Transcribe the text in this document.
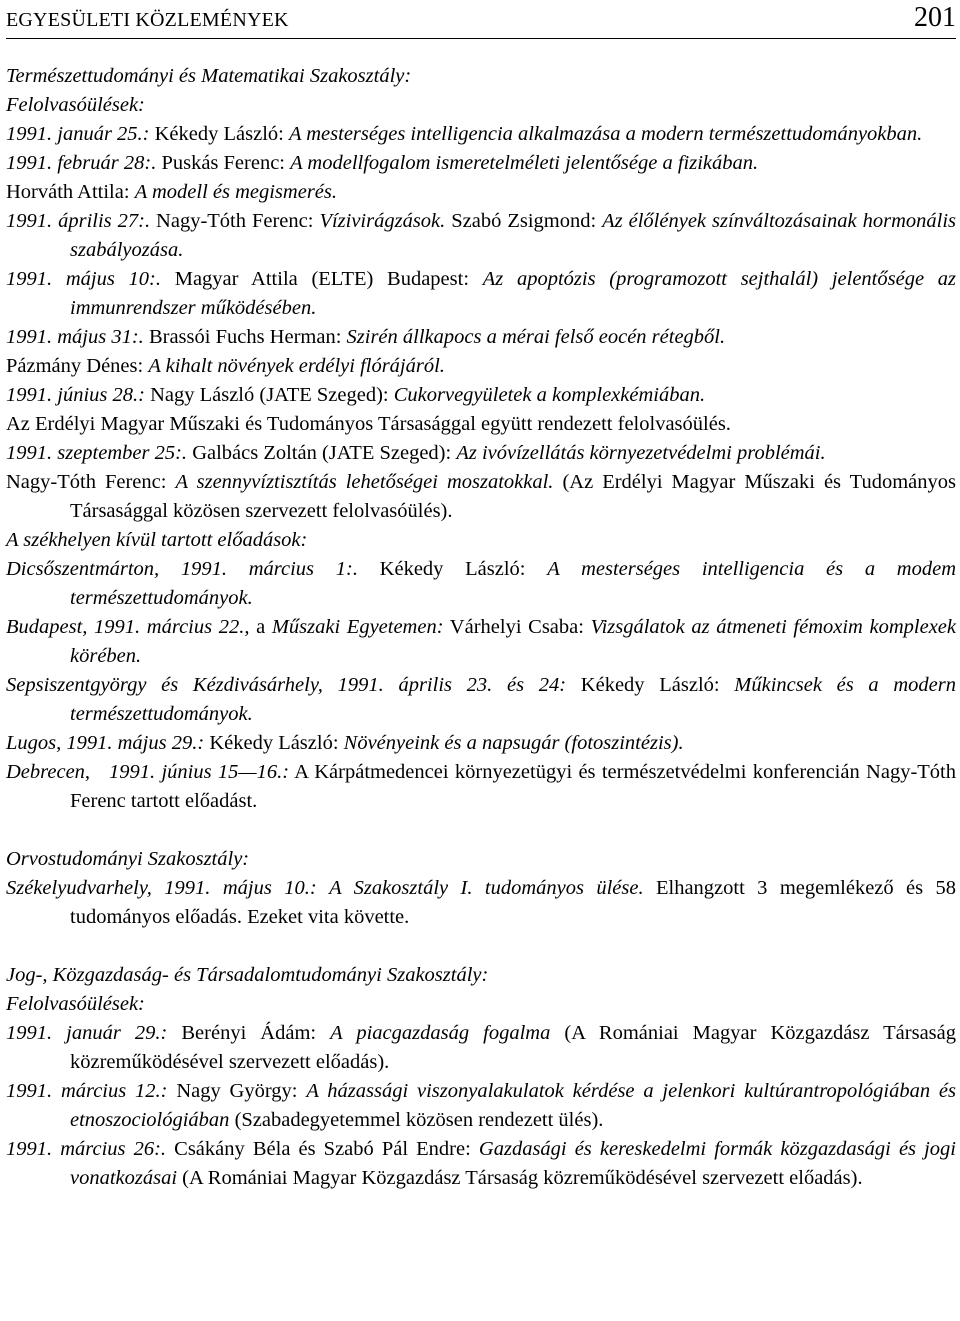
EGYESÜLETI KÖZLEMÉNYEK	201
Természettudományi és Matematikai Szakosztály:
Felolvasóülések:
1991. január 25.: Kékedy László: A mesterséges intelligencia alkalmazása a modern természettudományokban.
1991. február 28:. Puskás Ferenc: A modellfogalom ismeretelméleti jelentősége a fizikában.
Horváth Attila: A modell és megismerés.
1991. április 27:. Nagy-Tóth Ferenc: Vízivirágzások. Szabó Zsigmond: Az élőlények színváltozásainak hormonális szabályozása.
1991. május 10:. Magyar Attila (ELTE) Budapest: Az apoptózis (programozott sejthalál) jelentősége az immunrendszer működésében.
1991. május 31:. Brassói Fuchs Herman: Szirén állkapocs a mérai felső eocén rétegből.
Pázmány Dénes: A kihalt növények erdélyi flórájáról.
1991. június 28.: Nagy László (JATE Szeged): Cukorvegyületek a komplexkémiában.
Az Erdélyi Magyar Műszaki és Tudományos Társasággal együtt rendezett felolvasóülés.
1991. szeptember 25:. Galbács Zoltán (JATE Szeged): Az ivóvízellátás környezetvédelmi problémái.
Nagy-Tóth Ferenc: A szennyvíztisztítás lehetőségei moszatokkal. (Az Erdélyi Magyar Műszaki és Tudományos Társasággal közösen szervezett felolvasóülés).
A székhelyen kívül tartott előadások:
Dicsőszentmárton, 1991. március 1:. Kékedy László: A mesterséges intelligencia és a modem természettudományok.
Budapest, 1991. március 22., a Műszaki Egyetemen: Várhelyi Csaba: Vizsgálatok az átmeneti fémoxim komplexek körében.
Sepsiszentgyörgy és Kézdivásárhely, 1991. április 23. és 24: Kékedy László: Műkincsek és a modern természettudományok.
Lugos, 1991. május 29.: Kékedy László: Növényeink és a napsugár (fotoszintézis).
Debrecen,   1991. június 15—16.: A Kárpátmedencei környezetügyi és természetvédelmi konferencián Nagy-Tóth Ferenc tartott előadást.
Orvostudományi Szakosztály:
Székelyudvarhely, 1991. május 10.: A Szakosztály I. tudományos ülése. Elhangzott 3 megemlékező és 58 tudományos előadás. Ezeket vita követte.
Jog-, Közgazdaság- és Társadalomtudományi Szakosztály:
Felolvasóülések:
1991. január 29.: Berényi Ádám: A piacgazdaság fogalma (A Romániai Magyar Közgazdász Társaság közreműködésével szervezett előadás).
1991. március 12.: Nagy György: A házassági viszonyalakulatok kérdése a jelenkori kultúrantropológiában és etnoszociológiában (Szabadegyetemmel közösen rendezett ülés).
1991. március 26:. Csákány Béla és Szabó Pál Endre: Gazdasági és kereskedelmi formák közgazdasági és jogi vonatkozásai (A Romániai Magyar Közgazdász Társaság közreműködésével szervezett előadás).
